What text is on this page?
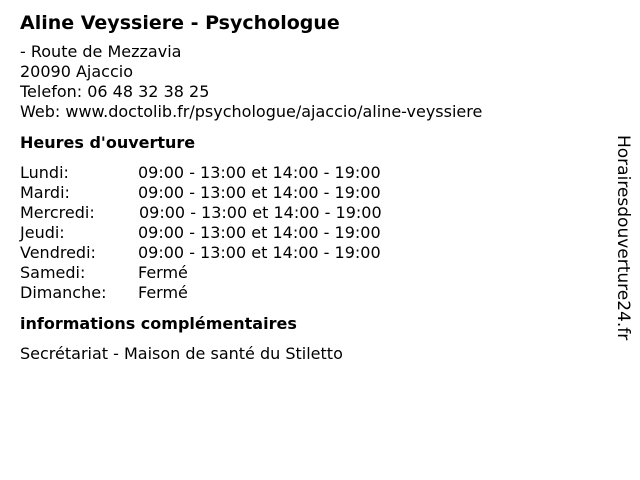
Aline Veyssiere - Psychologue
- Route de Mezzavia
20090 Ajaccio
Telefon: 06 48 32 38 25
Web: www.doctolib.fr/psychologue/ajaccio/aline-veyssiere
Heures d'ouverture
Lundi:	09:00 - 13:00 et 14:00 - 19:00
Mardi:	09:00 - 13:00 et 14:00 - 19:00
Mercredi:	09:00 - 13:00 et 14:00 - 19:00
Jeudi:	09:00 - 13:00 et 14:00 - 19:00
Vendredi:	09:00 - 13:00 et 14:00 - 19:00
Samedi:	Fermé
Dimanche:	Fermé
informations complémentaires
Secrétariat - Maison de santé du Stiletto
Horairesdouverture24.fr
